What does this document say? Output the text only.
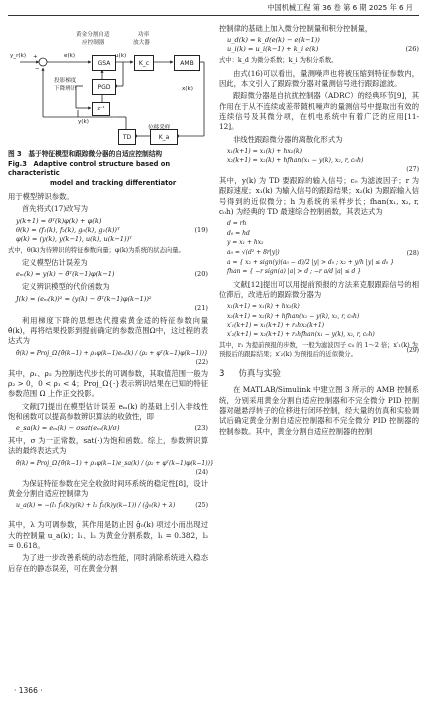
中国机械工程 第 36 卷 第 6 期 2025 年 6 月
GSA	K_c	AMB
PGD
z⁻¹
TD	K_a
y_r(k)	e(k)	u(k)
x(k)
y(k)
+
−
黄金分割自适
应控制器
功率
放大器
投影梯度
下降辨识
位移采样
图 3　基于特征模型和跟踪微分器的自适应控制结构
Fig.3　Adaptive control structure based on characteristic
model and tracking differentiator

用于模型辨识参数。

首先将式(17)改写为

y(k+1) = θᵀ(k)φ(k) + φ(k)
θ(k) = (f₁(k), f₂(k), g₀(k), g₁(k))ᵀ
φ(k) = (y(k), y(k−1), u(k), u(k−1))ᵀ
(19)
式中，θ(k)为待辨识的特征参数向量；φ(k)为系统的状态向量。

定义模型估计误差为

eₘ(k) = y(k) − θ̂ᵀ(k−1)φ(k−1)	(20)

定义辨识模型的代价函数为

J(k) = (eₘ(k))² = (y(k) − θ̂ᵀ(k−1)φ(k−1))²
(21)

利用梯度下降的思想迭代搜索黄金适的特征参数向量θ̂(k)，再将结果投影到提前确定的参数范围Ω中，这过程的表达式为

θ̂(k) = Proj_Ω{θ̂(k−1) + ρ₁φ(k−1)eₘ(k) / (ρ₂ + φᵀ(k−1)φ(k−1))}
(22)

其中，ρ₁、ρ₂ 为控制迭代步长的可调参数，其取值范围一般为 ρ₂ > 0，0 < ρ₁ < 4；Proj_Ω{·}表示辨识结果在已知的特征参数范围 Ω 上作正交投影。

文献[7]提出在模型估计误差 eₘ(k) 的基础上引入非线性饱和函数可以提高参数辨识算法的收敛性，即

e_sa(k) = eₘ(k) − σsat(eₘ(k)/σ)	(23)

其中，σ 为一正常数，sat(·)为饱和函数。综上，参数辨识算法的最终表达式为

θ̂(k) = Proj_Ω{θ̂(k−1) + ρ₁φ(k−1)e_sa(k) / (ρ₂ + φᵀ(k−1)φ(k−1))}
(24)

为保证特征参数在完全收敛时间环系统的稳定性[8]，设计黄金分割自适应控制律为

u_a(k) = −(l₁ f̂₁(k)y(k) + l₂ f̂₂(k)y(k−1)) / (ĝ₀(k) + λ)	(25)

其中，λ 为可调参数，其作用是防止因 ĝ₀(k) 项过小而出现过大的控制量 u_a(k)；l₁、l₂ 为黄金分割系数，l₁ = 0.382，l₂ = 0.618。

为了进一步改善系统的动态性能，同时消除系统进入稳态后存在的静态误差，可在黄金分割

控制律的基础上加入微分控制量和积分控制量，

u_d(k) = k_d(e(k) − e(k−1))
u_i(k) = u_i(k−1) + k_i e(k)	(26)
式中：k_d 为微分系数；k_i 为积分系数。

由式(16)可以看出，量测噪声也将被压缩到特征参数内，因此，本文引入了跟踪微分器对量测信号进行跟踪滤波。

跟踪微分器是自抗扰控制器（ADRC）的经典环节[9]，其作用在于从不连续或差带随机噪声的量测信号中提取出有效的连续信号及其微分项，在机电系统中有着广泛的应用[11-12]。

非线性跟踪微分器的离散化形式为

x₁(k+1) = x₁(k) + hx₂(k)
x₂(k+1) = x₂(k) + hfhan(x₁ − y(k), x₂, r, c₀h)
(27)

其中，y(k) 为 TD 要跟踪的输入信号；c₀ 为滤波因子；r 为跟踪速度；x₁(k) 为输入信号的跟踪结果；x₂(k) 为跟踪输入信号得到的近似微分；h 为系统的采样步长；fhan(x₁, x₂, r, c₀h) 为经典的 TD 最速综合控制函数，其表达式为

d = rh
d₀ = hd
y = x₁ + hx₂
a₀ = √(d² + 8r|y|)
a = { x₂ + sign(y)(a₀ − d)/2 |y| > d₀ ; x₂ + y/h |y| ≤ d₀ }
fhan = { −r sign(a) |a| > d ; −r a/d |a| ≤ d }
(28)

文献[12]提出可以用提前预报的方法来克服跟踪信号的相位滞后，改进后的跟踪微分器为

x₁(k+1) = x₁(k) + hx₂(k)
x₂(k+1) = x₂(k) + hfhan(x₁ − y(k), x₂, r, c₀h)
x′₁(k+1) = x₁(k+1) + r₁hx₂(k+1)
x′₂(k+1) = x₂(k+1) + r₁hfhan(x₁ − y(k), x₂, r, c₀h)
(29)
其中，r₁ 为提前预报的步数，一般为滤波因子 c₀ 的 1～2 倍；x′₁(k) 为预报后的跟踪结果；x′₂(k) 为预报后的近似微分。
3 仿真与实验

在 MATLAB/Simulink 中建立图 3 所示的 AMB 控制系统，分别采用黄金分割自适应控制器和不完全微分 PID 控制器对磁悬浮转子的位移进行闭环控制，经大量的仿真和实验调试后确定黄金分割自适应控制器和不完全微分 PID 控制器的控制参数。其中，黄金分割自适应控制器的控制

· 1366 ·
